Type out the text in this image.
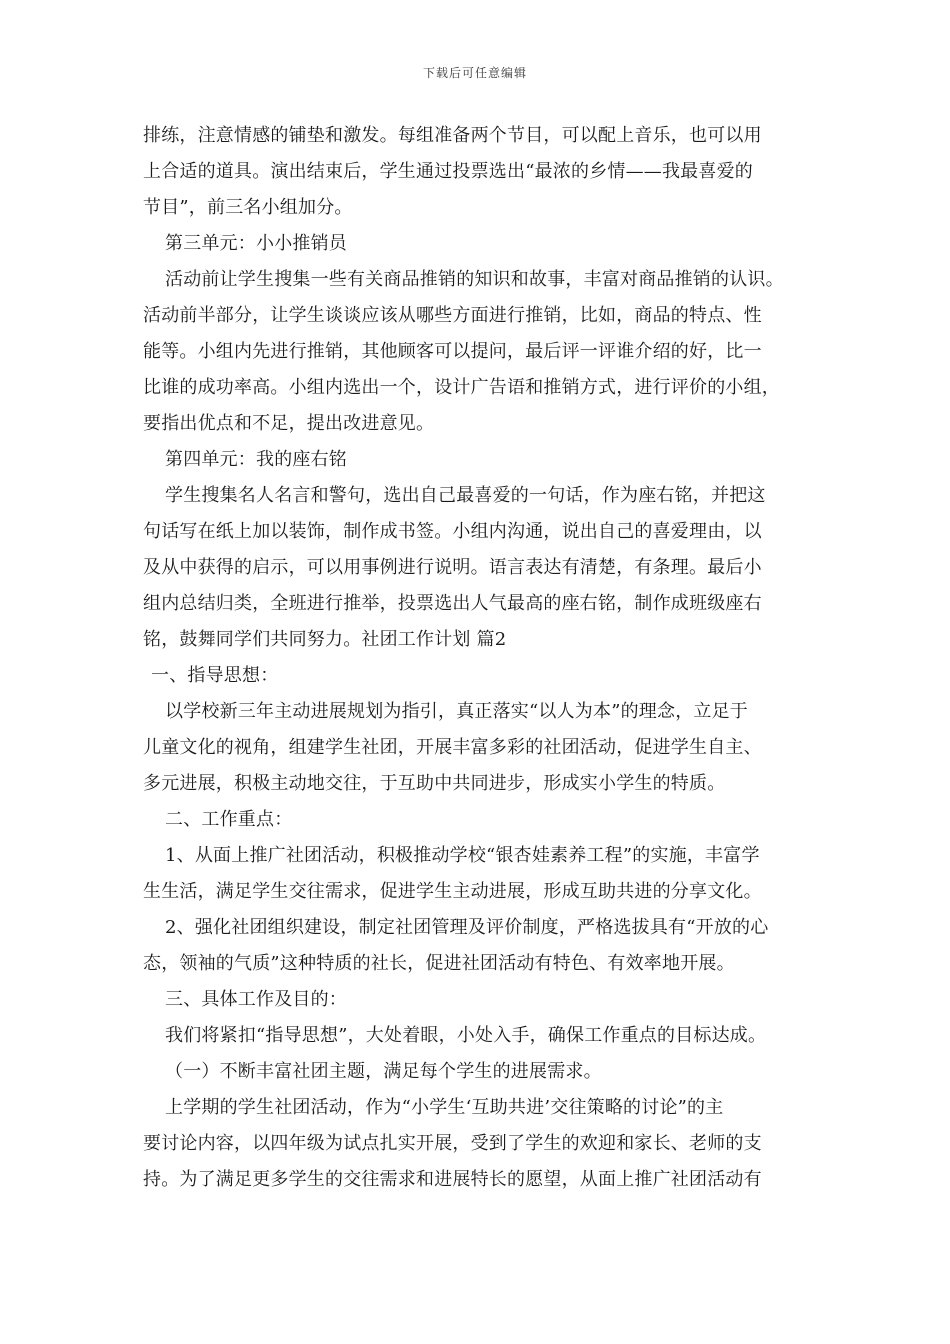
下载后可任意编辑
排练，注意情感的铺垫和激发。每组准备两个节目，可以配上音乐，也可以用
上合适的道具。演出结束后，学生通过投票选出“最浓的乡情——我最喜爱的
节目”，前三名小组加分。
第三单元：小小推销员
活动前让学生搜集一些有关商品推销的知识和故事，丰富对商品推销的认识。
活动前半部分，让学生谈谈应该从哪些方面进行推销，比如，商品的特点、性
能等。小组内先进行推销，其他顾客可以提问，最后评一评谁介绍的好，比一
比谁的成功率高。小组内选出一个，设计广告语和推销方式，进行评价的小组，
要指出优点和不足，提出改进意见。
第四单元：我的座右铭
学生搜集名人名言和警句，选出自己最喜爱的一句话，作为座右铭，并把这
句话写在纸上加以装饰，制作成书签。小组内沟通，说出自己的喜爱理由，以
及从中获得的启示，可以用事例进行说明。语言表达有清楚，有条理。最后小
组内总结归类，全班进行推举，投票选出人气最高的座右铭，制作成班级座右
铭，鼓舞同学们共同努力。社团工作计划 篇2
一、指导思想：
以学校新三年主动进展规划为指引，真正落实“以人为本”的理念，立足于
儿童文化的视角，组建学生社团，开展丰富多彩的社团活动，促进学生自主、
多元进展，积极主动地交往，于互助中共同进步，形成实小学生的特质。
二、工作重点：
1、从面上推广社团活动，积极推动学校“银杏娃素养工程”的实施，丰富学
生生活，满足学生交往需求，促进学生主动进展，形成互助共进的分享文化。
2、强化社团组织建设，制定社团管理及评价制度，严格选拔具有“开放的心
态，领袖的气质”这种特质的社长，促进社团活动有特色、有效率地开展。
三、具体工作及目的：
我们将紧扣“指导思想”，大处着眼，小处入手，确保工作重点的目标达成。
（一）不断丰富社团主题，满足每个学生的进展需求。
上学期的学生社团活动，作为“小学生‘互助共进’交往策略的讨论”的主
要讨论内容，以四年级为试点扎实开展，受到了学生的欢迎和家长、老师的支
持。为了满足更多学生的交往需求和进展特长的愿望，从面上推广社团活动有
